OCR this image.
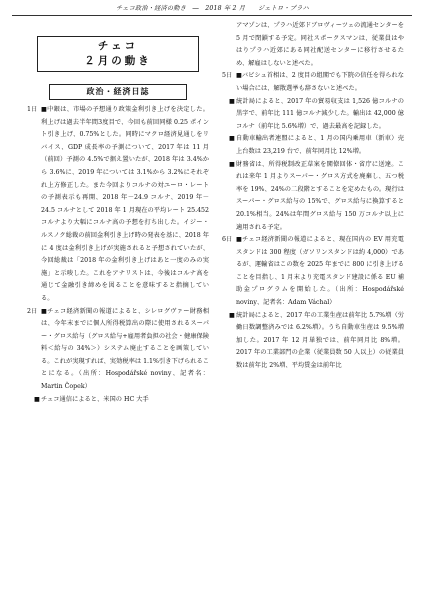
チェコ政治・経済の動き　―　2018 年 2 月　　ジェトロ・プラハ
チェコ
２月の動き
政治・経済日誌

1日 ■中銀は、市場の予想通り政策金利引き上げを決定した。利上げは過去半年間3度目で、今回も前回同様 0.25 ポイント引き上げ、0.75%とした。同時にマクロ経済見通しをリバイス、GDP 成長率の予測について、2017 年は 11 月（前回）予測の 4.5%で据え置いたが、2018 年は 3.4%から 3.6%に、2019 年については 3.1%から 3.2%にそれぞれ上方修正した。また今回よりコルナの対ユーロ・レートの予測表示も再開、2018 年－24.9 コルナ、2019 年－24.5 コルナとして 2018 年 1 月現在の平均レート 25.452 コルナより大幅にコルナ高の予想を打ち出した。イジー・ルスノク総裁の前回金利引き上げ時の発表を基に、2018 年に 4 度は金利引き上げが実施されると予想されていたが、今回総裁は「2018 年の金利引き上げはあと一度のみの実施」と示唆した。これをアナリストは、今後はコルナ高を通じて金融引き締めを図ることを意味すると指摘している。

2日 ■チェコ経済新聞の報道によると、シレログヴァー財務相は、今年末までに個人所得税算出の際に使用されるスーパー・グロス給与（グロス給与+雇用者負担の社会・健康保険料＜給与の 34%＞）システム廃止することを画策している。これが実現すれば、実効税率は 1.1%引き下げられることになる。（出所：Hospodářské noviny、記者名：Martin Čopek）

■ チェコ通信によると、米国の HC 大手

アマゾンは、プラハ近郊ドブロヴィーツェの流通センターを 5 月で閉鎖する予定。同社スポークスマンは、従業員はやはりプラハ近郊にある同社配送センターに移行させるため、解雇はしないと述べた。

5日 ■バビシュ首相は、2 度目の組閣でも下院の信任を得られない場合には、解散選挙も辞さないと述べた。

■ 統計局によると、2017 年の貿易収支は 1,526 億コルナの黒字で、前年比 111 億コルナ減少した。輸出は 42,000 億コルナ（前年比 5.6%増）で、過去最高を記録した。

■ 自動車輸出者連盟によると、1 月の国内乗用車（新車）売上台数は 23,219 台で、前年同月比 12%増。

■ 財務省は、所得税制改正草案を閣僚回体・省庁に送達。これは来年 1 月よりスーパー・グロス方式を廃棄し、五つ税率を 19%、24%の二段階とすることを定めたもの。現行はスーパー・グロス給与の 15%で、グロス給与に換算すると 20.1%相当。24%は年間グロス給与 150 万コルナ以上に適用される予定。

6日 ■チェコ経済新聞の報道によると、現在国内の EV 用充電スタンドは 300 程度（ガソリンスタンドは約 4,000）であるが、運輸省はこの数を 2025 年までに 800 に引き上げることを目指し、1 月末より充電スタンド建設に係る EU 補助金プログラムを開始した。（出所：Hospodářské noviny、記者名：Adam Váchal）

■ 統計局によると、2017 年の工業生産は前年比 5.7%増（労働日数調整済みでは 6.2%増）。うち自動車生産は 9.5%増加した。2017 年 12 月単独では、前年同月比 8%増。2017 年の工業部門の企業（従業員数 50 人以上）の従業員数は前年比 2%増、平均賃金は前年比
